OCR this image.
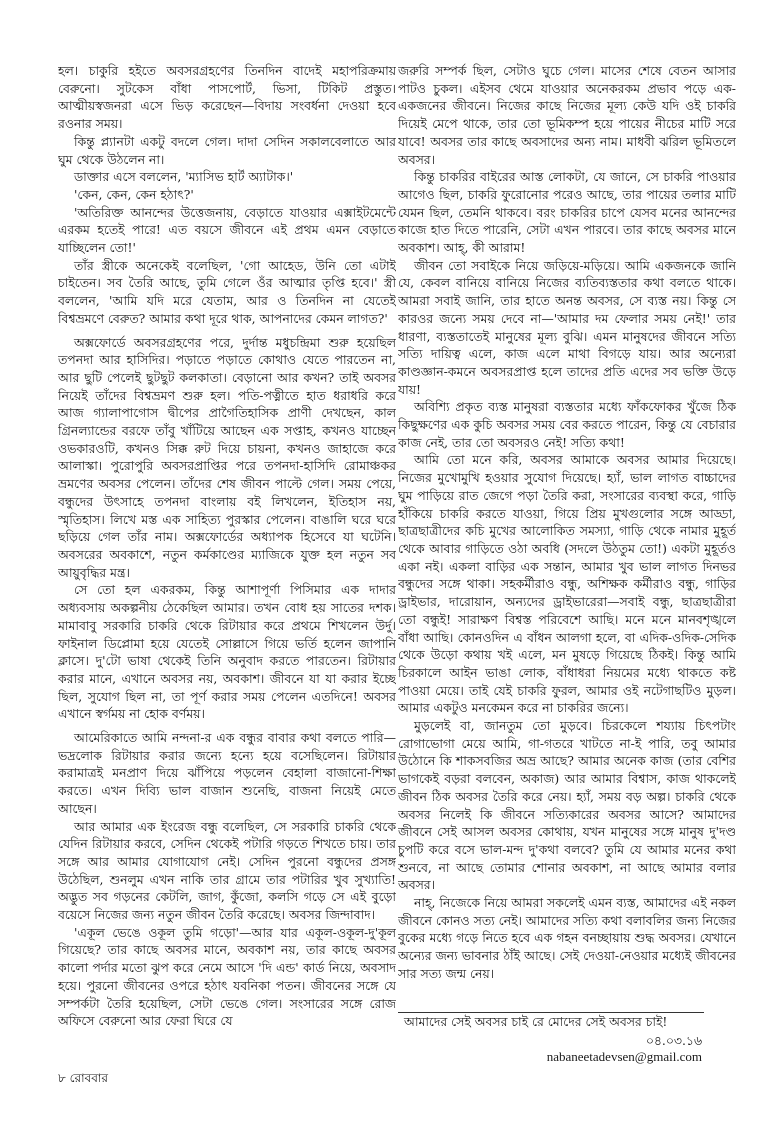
হল। চাকুরি হইতে অবসরগ্রহণের তিনদিন বাদেই মহাপরিক্রমায় বেরুনো। সুটকেস বাঁধা পাসপোর্ট, ভিসা, টিকিট প্রস্তুত। আত্মীয়স্বজনরা এসে ভিড় করেছেন—বিদায় সংবর্ধনা দেওয়া হবে রওনার সময়।

কিন্তু প্ল্যানটা একটু বদলে গেল। দাদা সেদিন সকালবেলাতে আর ঘুম থেকে উঠলেন না।

ডাক্তার এসে বললেন, 'ম্যাসিভ হার্ট অ্যাটাক।'

'কেন, কেন, কেন হঠাৎ?'

'অতিরিক্ত আনন্দের উত্তেজনায়, বেড়াতে যাওয়ার এক্সাইটমেন্টে এরকম হতেই পারে! এত বয়সে জীবনে এই প্রথম এমন বেড়াতে যাচ্ছিলেন তো!'

তাঁর স্ত্রীকে অনেকেই বলেছিল, 'গো আহেড, উনি তো এটাই চাইতেন। সব তৈরি আছে, তুমি গেলে ওঁর আত্মার তৃপ্তি হবে।' স্ত্রী বললেন, 'আমি যদি মরে যেতাম, আর ও তিনদিন না যেতেই বিশ্বভ্রমণে বেরুত? আমার কথা দূরে থাক, আপনাদের কেমন লাগত?'

অক্সফোর্ডে অবসরগ্রহণের পরে, দুর্দান্ত মধুচন্দ্রিমা শুরু হয়েছিল তপনদা আর হাসিদির। পড়াতে পড়াতে কোথাও যেতে পারতেন না, আর ছুটি পেলেই ছুটছুট কলকাতা। বেড়ানো আর কখন? তাই অবসর নিয়েই তাঁদের বিশ্বভ্রমণ শুরু হল। পতি-পত্নীতে হাত ধরাধরি করে আজ গ্যালাপাগোস দ্বীপের প্রাগৈতিহাসিক প্রাণী দেখছেন, কাল গ্রিনল্যান্ডের বরফে তাঁবু খাঁটিয়ে আছেন এক সপ্তাহ, কখনও যাচ্ছেন ওভকারওটি, কখনও সিক্ক রুট দিয়ে চায়না, কখনও জাহাজে করে আলাস্কা। পুরোপুরি অবসরপ্রাপ্তির পরে তপনদা-হাসিদি রোমাঞ্চকর ভ্রমণের অবসর পেলেন। তাঁদের শেষ জীবন পাল্টে গেল। সময় পেয়ে, বন্ধুদের উৎসাহে তপনদা বাংলায় বই লিখলেন, ইতিহাস নয়, স্মৃতিহাস। লিখে মস্ত এক সাহিত্য পুরস্কার পেলেন। বাঙালি ঘরে ঘরে ছড়িয়ে গেল তাঁর নাম। অক্সফোর্ডের অধ্যাপক হিসেবে যা ঘটেনি। অবসরের অবকাশে, নতুন কর্মকাণ্ডের ম্যাজিকে যুক্ত হল নতুন সব আয়ুবৃদ্ধির মন্ত্র।

সে তো হল একরকম, কিন্তু আশাপূর্ণা পিসিমার এক দাদার অধ্যবসায় অকল্পনীয় ঠেকেছিল আমার। তখন বোধ হয় সাতের দশক। মামাবাবু সরকারি চাকরি থেকে রিটায়ার করে প্রথমে শিখলেন উর্দু। ফাইনাল ডিপ্লোমা হয়ে যেতেই সোল্লাসে গিয়ে ভর্তি হলেন জাপানি ক্লাসে। দু'টো ভাষা থেকেই তিনি অনুবাদ করতে পারতেন। রিটায়ার করার মানে, এখানে অবসর নয়, অবকাশ। জীবনে যা যা করার ইচ্ছে ছিল, সুযোগ ছিল না, তা পূর্ণ করার সময় পেলেন এতদিনে! অবসর এখানে স্বর্গময় না হোক বর্ণময়।

আমেরিকাতে আমি নন্দনা-র এক বন্ধুর বাবার কথা বলতে পারি—ভদ্রলোক রিটায়ার করার জন্যে হন্যে হয়ে বসেছিলেন। রিটায়ার করামাত্রই মনপ্রাণ দিয়ে ঝাঁপিয়ে পড়লেন বেহালা বাজানো-শিক্ষা করতে। এখন দিব্যি ভাল বাজান শুনেছি, বাজনা নিয়েই মেতে আছেন।

আর আমার এক ইংরেজ বন্ধু বলেছিল, সে সরকারি চাকরি থেকে যেদিন রিটায়ার করবে, সেদিন থেকেই পটারি গড়তে শিখতে চায়। তার সঙ্গে আর আমার যোগাযোগ নেই। সেদিন পুরনো বন্ধুদের প্রসঙ্গ উঠেছিল, শুনলুম এখন নাকি তার গ্রামে তার পটারির খুব সুখ্যাতি! অদ্ভুত সব গড়নের কেটলি, জাগ, কুঁজো, কলসি গড়ে সে এই বুড়ো বয়েসে নিজের জন্য নতুন জীবন তৈরি করেছে। অবসর জিন্দাবাদ।

'একূল ভেঙে ওকূল তুমি গড়ো'—আর যার একূল-ওকূল-দু'কূল গিয়েছে? তার কাছে অবসর মানে, অবকাশ নয়, তার কাছে অবসর কালো পর্দার মতো ঝুপ করে নেমে আসে 'দি এন্ড' কার্ড নিয়ে, অবসাদ হয়ে। পুরনো জীবনের ওপরে হঠাৎ যবনিকা পতন। জীবনের সঙ্গে যে সম্পর্কটা তৈরি হয়েছিল, সেটা ভেঙে গেল। সংসারের সঙ্গে রোজ অফিসে বেরুনো আর ফেরা ঘিরে যে

জরুরি সম্পর্ক ছিল, সেটাও ঘুচে গেল। মাসের শেষে বেতন আসার পাটও চুকল। এইসব থেমে যাওয়ার অনেকরকম প্রভাব পড়ে এক-একজনের জীবনে। নিজের কাছে নিজের মূল্য কেউ যদি ওই চাকরি দিয়েই মেপে থাকে, তার তো ভূমিকম্প হয়ে পায়ের নীচের মাটি সরে যাবে! অবসর তার কাছে অবসাদের অন্য নাম। মাধবী ঝরিল ভূমিতলে অবসর।

কিন্তু চাকরির বাইরের আস্ত লোকটা, যে জানে, সে চাকরি পাওয়ার আগেও ছিল, চাকরি ফুরোনোর পরেও আছে, তার পায়ের তলার মাটি যেমন ছিল, তেমনি থাকবে। বরং চাকরির চাপে যেসব মনের আনন্দের কাজে হাত দিতে পারেনি, সেটা এখন পারবে। তার কাছে অবসর মানে অবকাশ। আহ্, কী আরাম!

জীবন তো সবাইকে নিয়ে জড়িয়ে-মড়িয়ে। আমি একজনকে জানি যে, কেবল বানিয়ে বানিয়ে নিজের ব্যতিব্যস্ততার কথা বলতে থাকে। আমরা সবাই জানি, তার হাতে অনন্ত অবসর, সে ব্যস্ত নয়। কিন্তু সে কারওর জন্যে সময় দেবে না—'আমার দম ফেলার সময় নেই!' তার ধারণা, ব্যস্ততাতেই মানুষের মূল্য বুঝি। এমন মানুষদের জীবনে সত্যি সত্যি দায়িত্ব এলে, কাজ এলে মাথা বিগড়ে যায়। আর অন্যেরা কাণ্ডজ্ঞান-কমনে অবসরপ্রাপ্ত হলে তাদের প্রতি এদের সব ভক্তি উড়ে যায়!

অবিশ্যি প্রকৃত ব্যস্ত মানুষরা ব্যস্ততার মধ্যে ফাঁকফোকর খুঁজে ঠিক কিছুক্ষণের এক কুচি অবসর সময় বের করতে পারেন, কিন্তু যে বেচারার কাজ নেই, তার তো অবসরও নেই! সত্যি কথা!

আমি তো মনে করি, অবসর আমাকে অবসর আমার দিয়েছে। নিজের মুখোমুখি হওয়ার সুযোগ দিয়েছে। হ্যাঁ, ভাল লাগত বাচ্চাদের ঘুম পাড়িয়ে রাত জেগে পড়া তৈরি করা, সংসারের ব্যবস্থা করে, গাড়ি হাঁকিয়ে চাকরি করতে যাওয়া, গিয়ে প্রিয় মুখগুলোর সঙ্গে আড্ডা, ছাত্রছাত্রীদের কচি মুখের আলোকিত সমস্যা, গাড়ি থেকে নামার মুহূর্ত থেকে আবার গাড়িতে ওঠা অবধি (সদলে উঠতুম তো!) একটা মুহূর্তও একা নই। একলা বাড়ির এক সন্তান, আমার খুব ভাল লাগত দিনভর বন্ধুদের সঙ্গে থাকা। সহকর্মীরাও বন্ধু, অশিক্ষক কর্মীরাও বন্ধু, গাড়ির ড্রাইভার, দারোয়ান, অন্যদের ড্রাইভারেরা—সবাই বন্ধু, ছাত্রছাত্রীরা তো বন্ধুই! সারাক্ষণ বিশ্বস্ত পরিবেশে আছি। মনে মনে মানবশৃঙ্খলে বাঁধা আছি। কোনওদিন এ বাঁধন আলগা হলে, বা এদিক-ওদিক-সেদিক থেকে উড়ো কথায় খই এলে, মন মুষড়ে গিয়েছে ঠিকই। কিন্তু আমি চিরকালে আইন ভাঙা লোক, বাঁধাধরা নিয়মের মধ্যে থাকতে কষ্ট পাওয়া মেয়ে। তাই যেই চাকরি ফুরল, আমার ওই নটেগাছটিও মুড়ল। আমার একটুও মনকেমন করে না চাকরির জন্যে।

মুড়লেই বা, জানতুম তো মুড়বে। চিরকেলে শয্যায় চিৎপটাং রোগাভোগা মেয়ে আমি, গা-গতরে খাটতে না-ই পারি, তবু আমার উঠোনে কি শাকসবজির অভ্র আছে? আমার অনেক কাজ (তার বেশির ভাগকেই বড়রা বলবেন, অকাজ) আর আমার বিশ্বাস, কাজ থাকলেই জীবন ঠিক অবসর তৈরি করে নেয়। হ্যাঁ, সময় বড় অল্প। চাকরি থেকে অবসর নিলেই কি জীবনে সত্যিকারের অবসর আসে? আমাদের জীবনে সেই আসল অবসর কোথায়, যখন মানুষের সঙ্গে মানুষ দু'দণ্ড চুপটি করে বসে ভাল-মন্দ দু'কথা বলবে? তুমি যে আমার মনের কথা শুনবে, না আছে তোমার শোনার অবকাশ, না আছে আমার বলার অবসর।

নাহ্, নিজেকে নিয়ে আমরা সকলেই এমন ব্যস্ত, আমাদের এই নকল জীবনে কোনও সত্য নেই। আমাদের সত্যি কথা বলাবলির জন্য নিজের বুকের মধ্যে গড়ে নিতে হবে এক গহন বনচ্ছায়ায় শুদ্ধ অবসর। যেখানে অন্যের জন্য ভাবনার ঠাঁই আছে। সেই দেওয়া-নেওয়ার মধ্যেই জীবনের সার সত্য জন্ম নেয়।

আমাদের সেই অবসর চাই রে মোদের সেই অবসর চাই!
০৪.০৩.১৬
nabaneetadevsen@gmail.com
৮ রোববার
